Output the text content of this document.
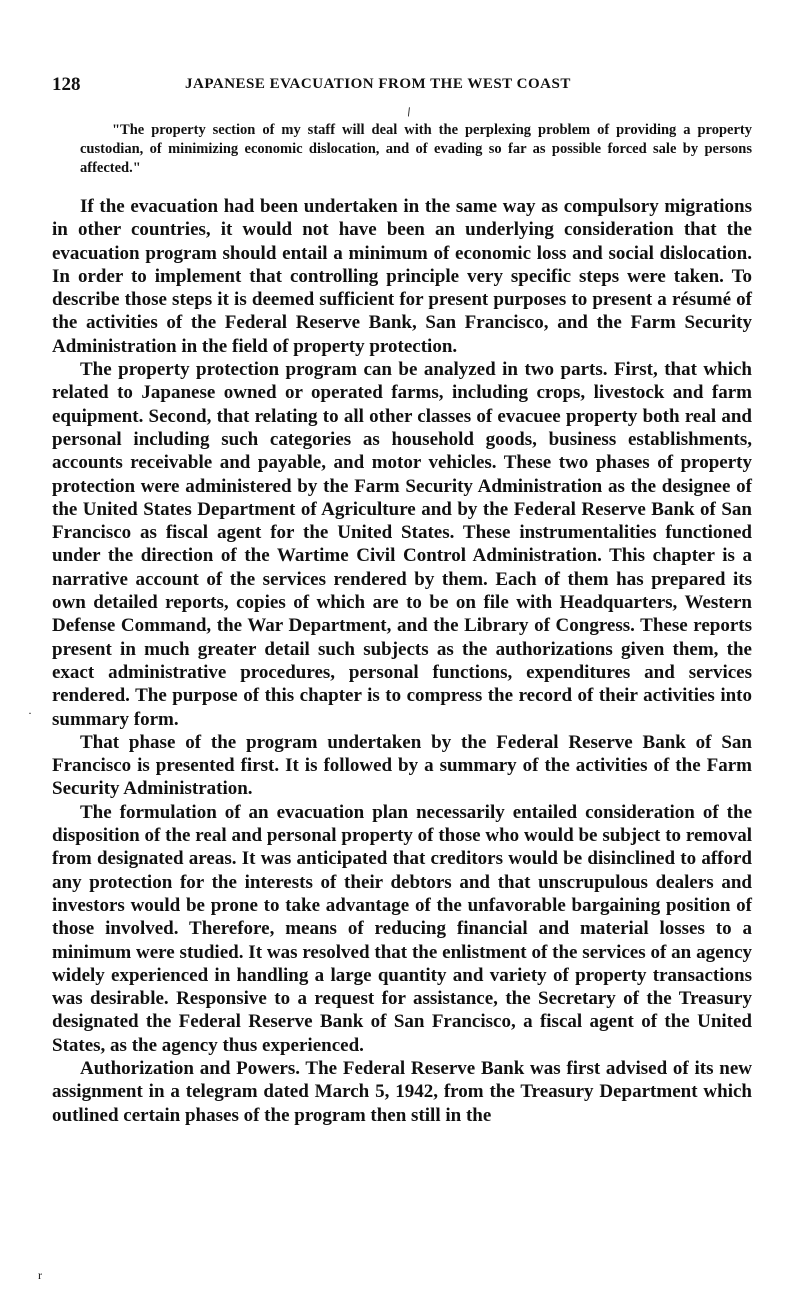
128	JAPANESE EVACUATION FROM THE WEST COAST
\
"The property section of my staff will deal with the perplexing problem of providing a property custodian, of minimizing economic dislocation, and of evading so far as possible forced sale by persons affected."

If the evacuation had been undertaken in the same way as compulsory migrations in other countries, it would not have been an underlying consideration that the evacuation program should entail a minimum of economic loss and social dislocation. In order to implement that controlling principle very specific steps were taken. To describe those steps it is deemed sufficient for present purposes to present a résumé of the activities of the Federal Reserve Bank, San Francisco, and the Farm Security Administration in the field of property protection.

The property protection program can be analyzed in two parts. First, that which related to Japanese owned or operated farms, including crops, livestock and farm equipment. Second, that relating to all other classes of evacuee property both real and personal including such categories as household goods, business establishments, accounts receivable and payable, and motor vehicles. These two phases of property protection were administered by the Farm Security Administration as the designee of the United States Department of Agriculture and by the Federal Reserve Bank of San Francisco as fiscal agent for the United States. These instrumentalities functioned under the direction of the Wartime Civil Control Administration. This chapter is a narrative account of the services rendered by them. Each of them has prepared its own detailed reports, copies of which are to be on file with Headquarters, Western Defense Command, the War Department, and the Library of Congress. These reports present in much greater detail such subjects as the authorizations given them, the exact administrative procedures, personal functions, expenditures and services rendered. The purpose of this chapter is to compress the record of their activities into summary form.

That phase of the program undertaken by the Federal Reserve Bank of San Francisco is presented first. It is followed by a summary of the activities of the Farm Security Administration.

The formulation of an evacuation plan necessarily entailed consideration of the disposition of the real and personal property of those who would be subject to removal from designated areas. It was anticipated that creditors would be disinclined to afford any protection for the interests of their debtors and that unscrupulous dealers and investors would be prone to take advantage of the unfavorable bargaining position of those involved. Therefore, means of reducing financial and material losses to a minimum were studied. It was resolved that the enlistment of the services of an agency widely experienced in handling a large quantity and variety of property transactions was desirable. Responsive to a request for assistance, the Secretary of the Treasury designated the Federal Reserve Bank of San Francisco, a fiscal agent of the United States, as the agency thus experienced.

Authorization and Powers. The Federal Reserve Bank was first advised of its new assignment in a telegram dated March 5, 1942, from the Treasury Department which outlined certain phases of the program then still in the

·
r
